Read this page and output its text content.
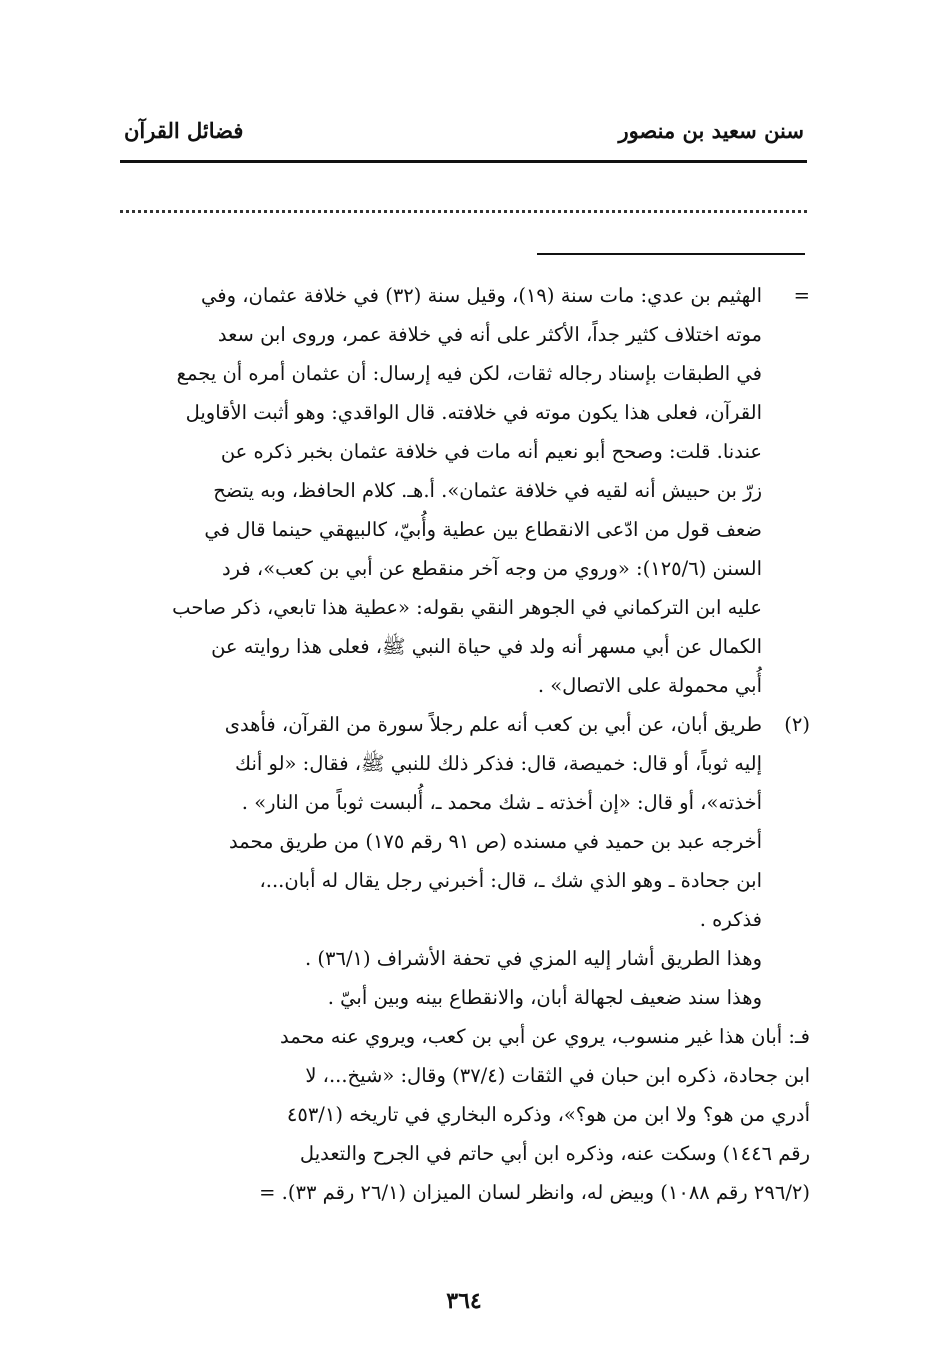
سنن سعيد بن منصور
فضائل القرآن
=
الهثيم بن عدي: مات سنة (١٩)، وقيل سنة (٣٢) في خلافة عثمان، وفي
موته اختلاف كثير جداً، الأكثر على أنه في خلافة عمر، وروى ابن سعد
في الطبقات بإسناد رجاله ثقات، لكن فيه إرسال: أن عثمان أمره أن يجمع
القرآن، فعلى هذا يكون موته في خلافته. قال الواقدي: وهو أثبت الأقاويل
عندنا. قلت: وصحح أبو نعيم أنه مات في خلافة عثمان بخبر ذكره عن
زرّ بن حبيش أنه لقيه في خلافة عثمان». أ.هـ. كلام الحافظ، وبه يتضح
ضعف قول من ادّعى الانقطاع بين عطية وأُبيّ، كالبيهقي حينما قال في
السنن (١٢٥/٦): «وروي من وجه آخر منقطع عن أبي بن كعب»، فرد
عليه ابن التركماني في الجوهر النقي بقوله: «عطية هذا تابعي، ذكر صاحب
الكمال عن أبي مسهر أنه ولد في حياة النبي ﷺ، فعلى هذا روايته عن
أُبي محمولة على الاتصال» .
(٢)
طريق أبان، عن أبي بن كعب أنه علم رجلاً سورة من القرآن، فأهدى
إليه ثوباً، أو قال: خميصة، قال: فذكر ذلك للنبي ﷺ، فقال: «لو أنك
أخذته»، أو قال: «إن أخذته ـ شك محمد ـ، أُلبست ثوباً من النار» .
أخرجه عبد بن حميد في مسنده (ص ٩١ رقم ١٧٥) من طريق محمد
ابن جحادة ـ وهو الذي شك ـ، قال: أخبرني رجل يقال له أبان...،
فذكره .
وهذا الطريق أشار إليه المزي في تحفة الأشراف (٣٦/١) .
وهذا سند ضعيف لجهالة أبان، والانقطاع بينه وبين أبيّ .
فـ: أبان هذا غير منسوب، يروي عن أبي بن كعب، ويروي عنه محمد
ابن جحادة، ذكره ابن حبان في الثقات (٣٧/٤) وقال: «شيخ...، لا
أدري من هو؟ ولا ابن من هو؟»، وذكره البخاري في تاريخه (٤٥٣/١
رقم ١٤٤٦) وسكت عنه، وذكره ابن أبي حاتم في الجرح والتعديل
(٢٩٦/٢ رقم ١٠٨٨) وبيض له، وانظر لسان الميزان (٢٦/١ رقم ٣٣). =
٣٦٤
